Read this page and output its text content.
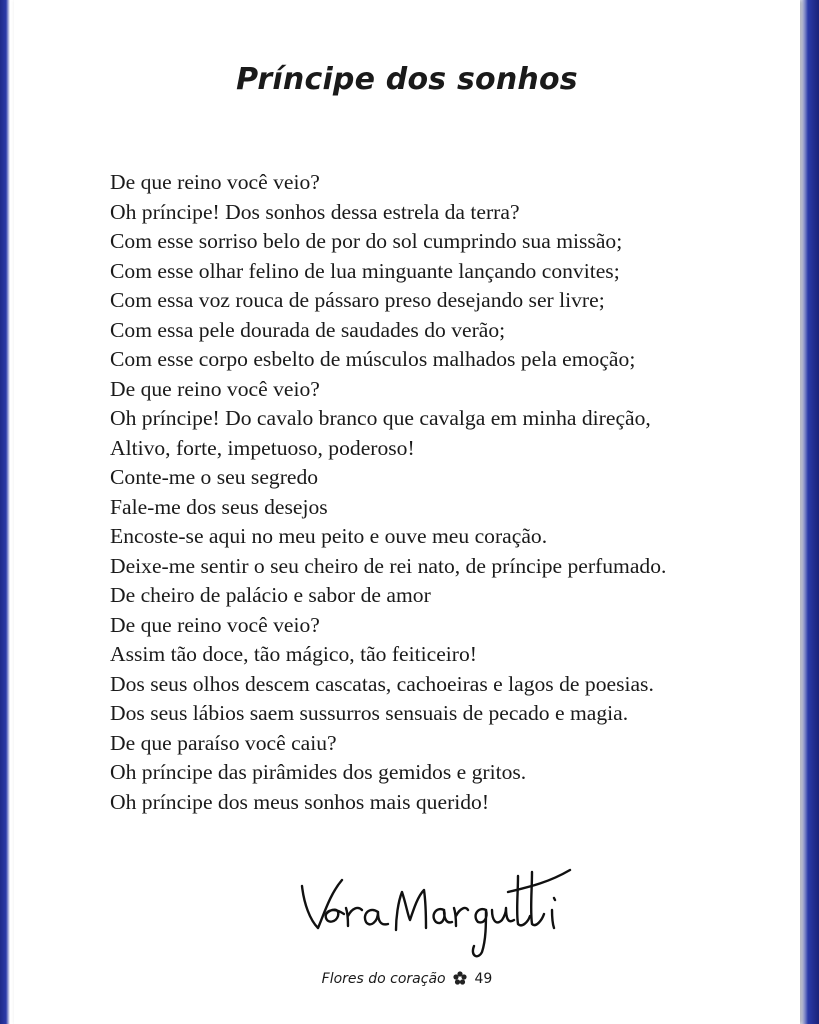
Príncipe dos sonhos
De que reino você veio?
Oh príncipe! Dos sonhos dessa estrela da terra?
Com esse sorriso belo de por do sol cumprindo sua missão;
Com esse olhar felino de lua minguante lançando convites;
Com essa voz rouca de pássaro preso desejando ser livre;
Com essa pele dourada de saudades do verão;
Com esse corpo esbelto de músculos malhados pela emoção;
De que reino você veio?
Oh príncipe! Do cavalo branco que cavalga em minha direção,
Altivo, forte, impetuoso, poderoso!
Conte-me o seu segredo
Fale-me dos seus desejos
Encoste-se aqui no meu peito e ouve meu coração.
Deixe-me sentir o seu cheiro de rei nato, de príncipe perfumado.
De cheiro de palácio e sabor de amor
De que reino você veio?
Assim tão doce, tão mágico, tão feiticeiro!
Dos seus olhos descem cascatas, cachoeiras e lagos de poesias.
Dos seus lábios saem sussurros sensuais de pecado e magia.
De que paraíso você caiu?
Oh príncipe das pirâmides dos gemidos e gritos.
Oh príncipe dos meus sonhos mais querido!
Flores do coração 49
